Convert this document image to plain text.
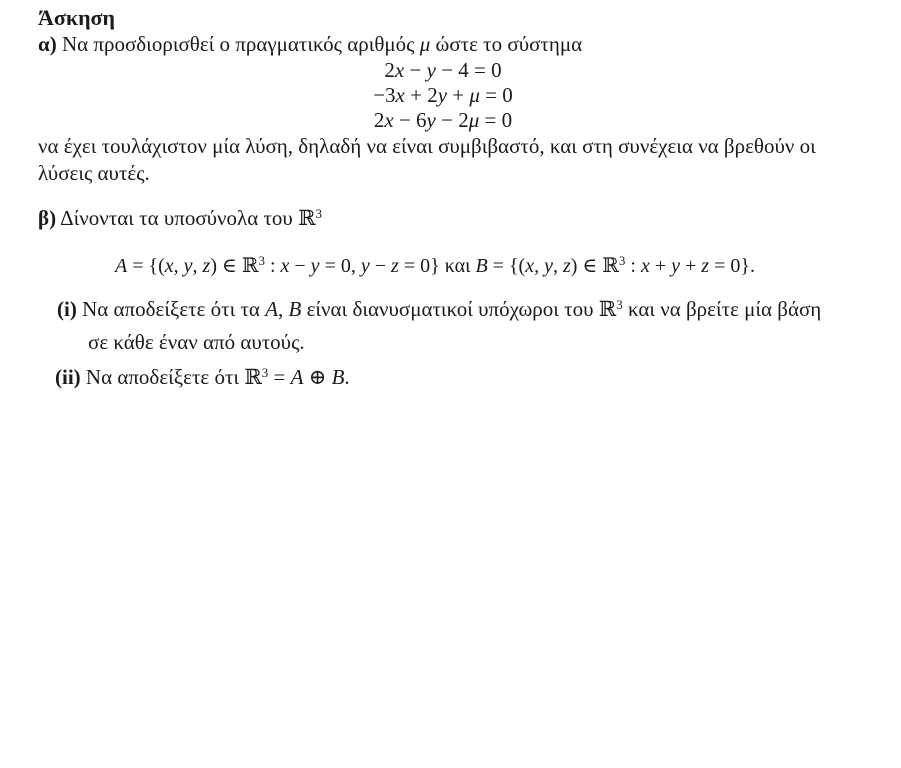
Άσκηση
α) Να προσδιορισθεί ο πραγματικός αριθμός μ ώστε το σύστημα
2x − y − 4 = 0
−3x + 2y + μ = 0
2x − 6y − 2μ = 0
να έχει τουλάχιστον μία λύση, δηλαδή να είναι συμβιβαστό, και στη συνέχεια να βρεθούν οι
λύσεις αυτές.
β) Δίνονται τα υποσύνολα του ℝ$^3$
A = {(x, y, z) ∈ ℝ$^3$ : x − y = 0, y − z = 0} και B = {(x, y, z) ∈ ℝ$^3$ : x + y + z = 0}.
(i) Να αποδείξετε ότι τα A, B είναι διανυσματικοί υπόχωροι του ℝ$^3$ και να βρείτε μία βάση
σε κάθε έναν από αυτούς.
(ii) Να αποδείξετε ότι ℝ$^3$ = A ⊕ B.
